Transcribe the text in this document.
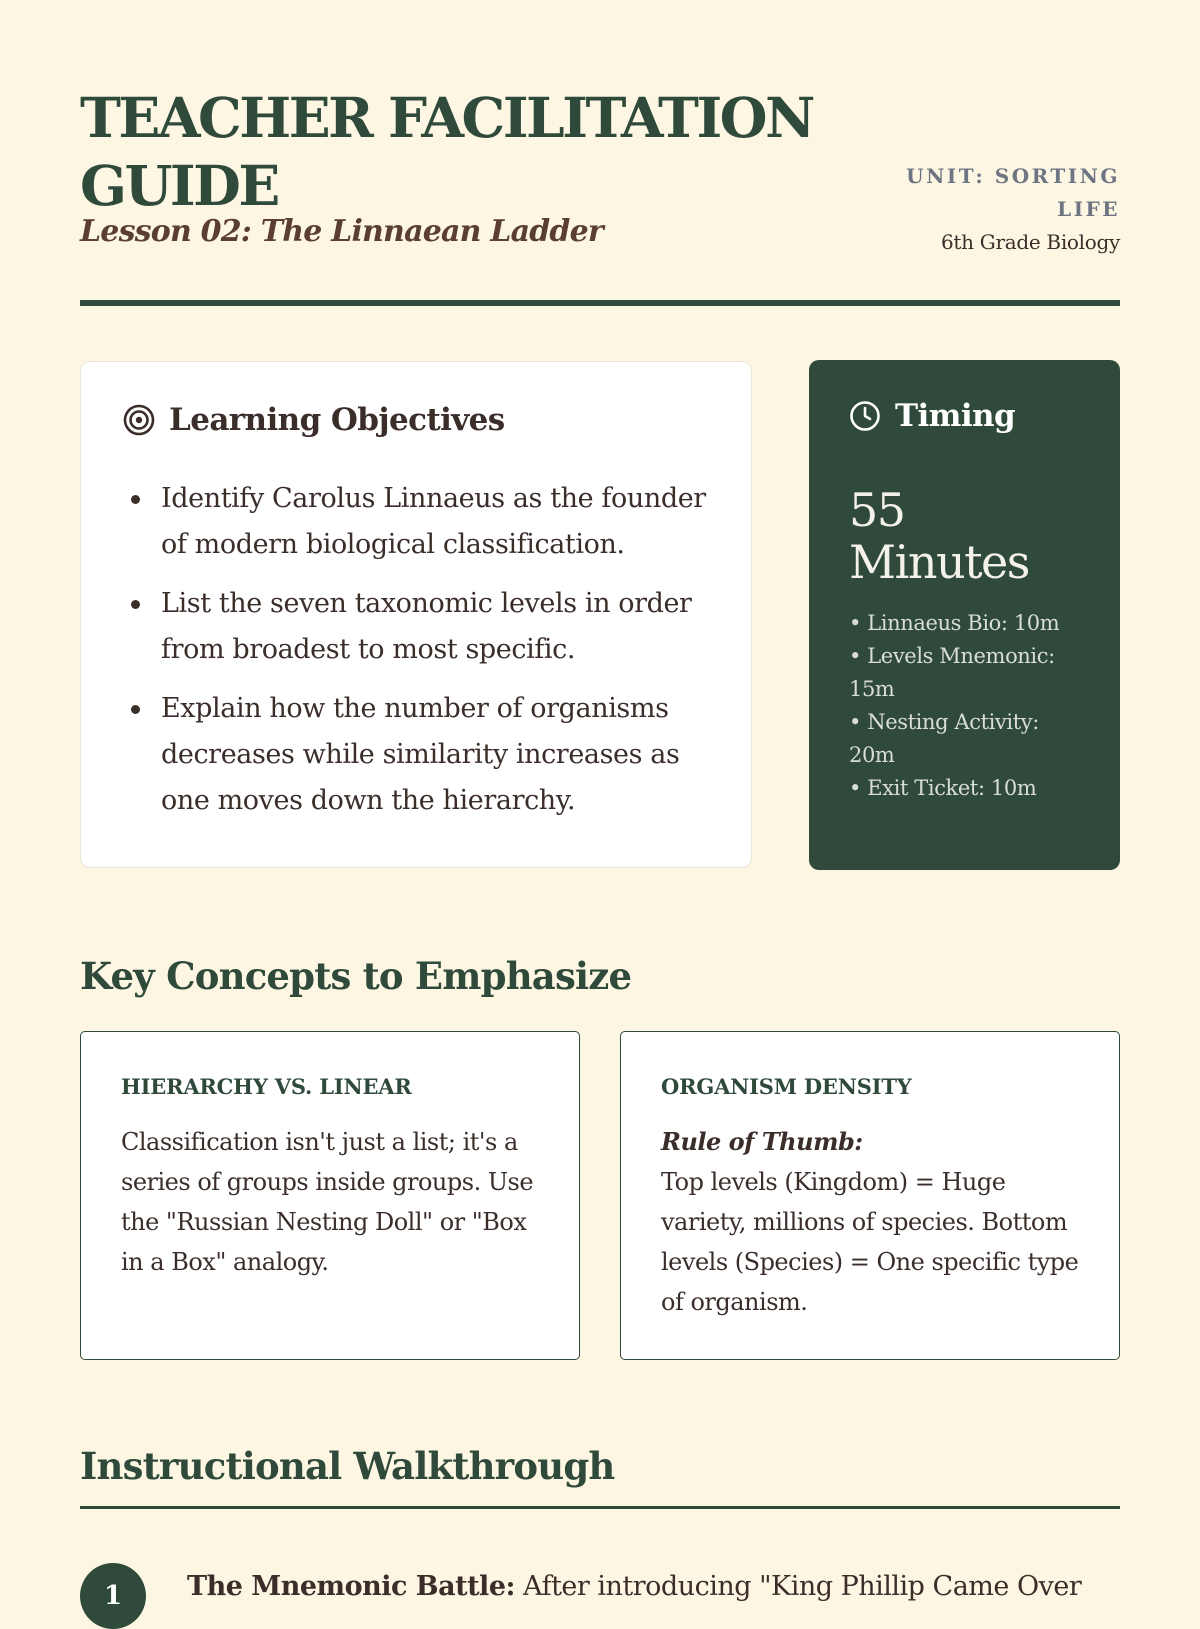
TEACHER FACILITATION GUIDE
Lesson 02: The Linnaean Ladder
UNIT: SORTING LIFE
6th Grade Biology
Learning Objectives
Identify Carolus Linnaeus as the founder of modern biological classification.
List the seven taxonomic levels in order from broadest to most specific.
Explain how the number of organisms decreases while similarity increases as one moves down the hierarchy.
Timing
55 Minutes
• Linnaeus Bio: 10m
• Levels Mnemonic: 15m
• Nesting Activity: 20m
• Exit Ticket: 10m
Key Concepts to Emphasize
HIERARCHY VS. LINEAR
Classification isn't just a list; it's a series of groups inside groups. Use the "Russian Nesting Doll" or "Box in a Box" analogy.
ORGANISM DENSITY
Rule of Thumb:
Top levels (Kingdom) = Huge variety, millions of species. Bottom levels (Species) = One specific type of organism.
Instructional Walkthrough
1	The Mnemonic Battle: After introducing "King Phillip Came Over
